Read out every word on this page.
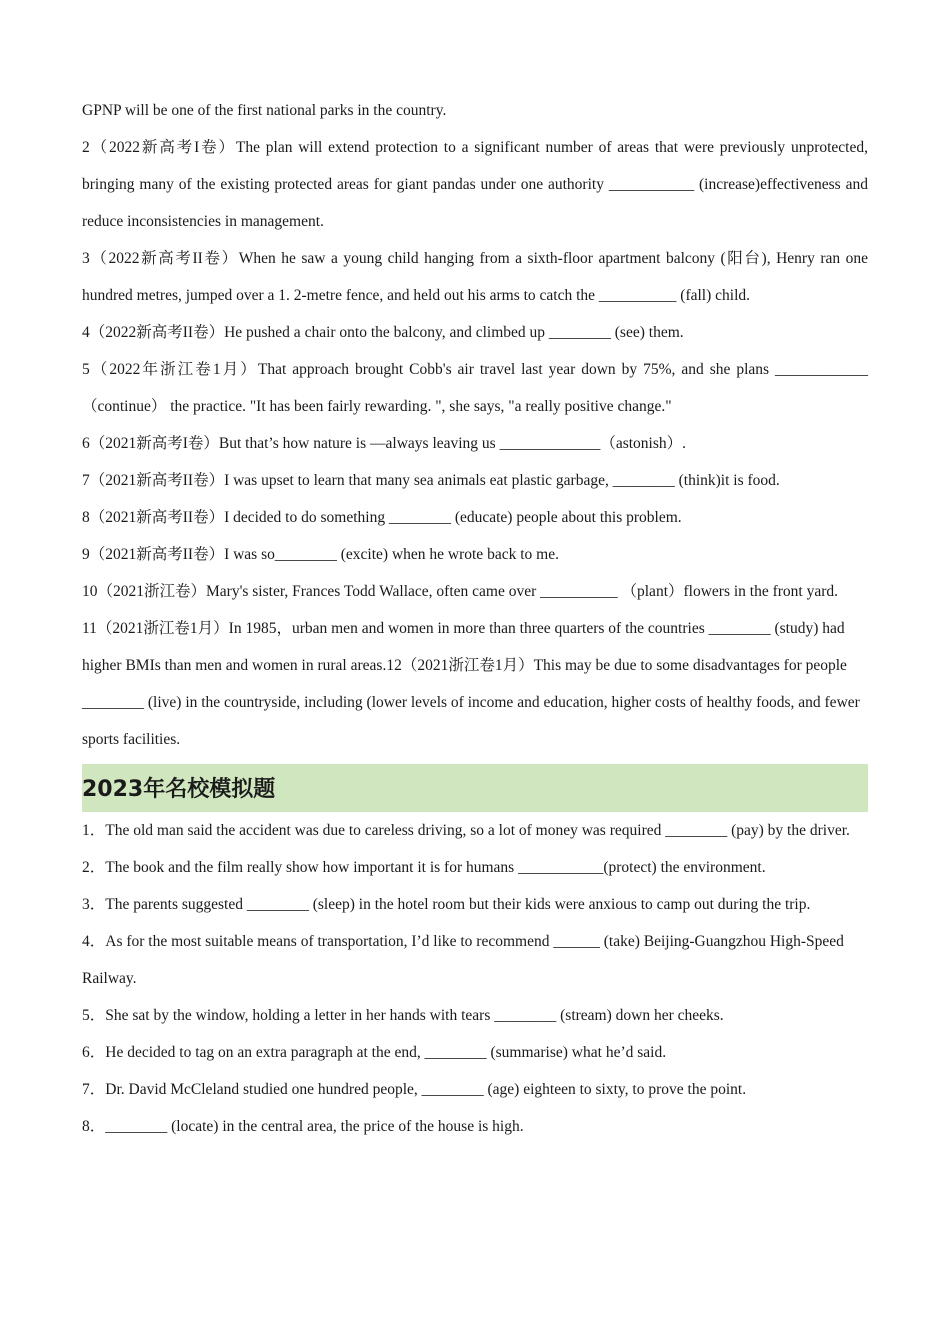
GPNP will be one of the first national parks in the country.

2（2022新高考I卷）The plan will extend protection to a significant number of areas that were previously unprotected, bringing many of the existing protected areas for giant pandas under one authority ___________ (increase)effectiveness and reduce inconsistencies in management.

3（2022新高考II卷）When he saw a young child hanging from a sixth-floor apartment balcony (阳台), Henry ran one hundred metres, jumped over a 1. 2-metre fence, and held out his arms to catch the __________ (fall) child.

4（2022新高考II卷）He pushed a chair onto the balcony, and climbed up ________ (see) them.

5（2022年浙江卷1月）That approach brought Cobb's air travel last year down by 75%, and she plans ____________（continue） the practice. "It has been fairly rewarding. ", she says, "a really positive change."

6（2021新高考I卷）But that’s how nature is —always leaving us _____________（astonish）.

7（2021新高考II卷）I was upset to learn that many sea animals eat plastic garbage, ________ (think)it is food.

8（2021新高考II卷）I decided to do something ________ (educate) people about this problem.

9（2021新高考II卷）I was so________ (excite) when he wrote back to me.

10（2021浙江卷）Mary's sister, Frances Todd Wallace, often came over __________ （plant）flowers in the front yard.

11（2021浙江卷1月）In 1985，urban men and women in more than three quarters of the countries ________ (study) had higher BMIs than men and women in rural areas.12（2021浙江卷1月）This may be due to some disadvantages for people ________ (live) in the countryside, including (lower levels of income and education, higher costs of healthy foods, and fewer sports facilities.

2023年名校模拟题

1．The old man said the accident was due to careless driving, so a lot of money was required ________ (pay) by the driver.

2．The book and the film really show how important it is for humans ___________(protect) the environment.

3．The parents suggested ________ (sleep) in the hotel room but their kids were anxious to camp out during the trip.

4．As for the most suitable means of transportation, I’d like to recommend ______ (take) Beijing-Guangzhou High-Speed Railway.

5．She sat by the window, holding a letter in her hands with tears ________ (stream) down her cheeks.

6．He decided to tag on an extra paragraph at the end, ________ (summarise) what he’d said.

7．Dr. David McCleland studied one hundred people, ________ (age) eighteen to sixty, to prove the point.

8．________ (locate) in the central area, the price of the house is high.
